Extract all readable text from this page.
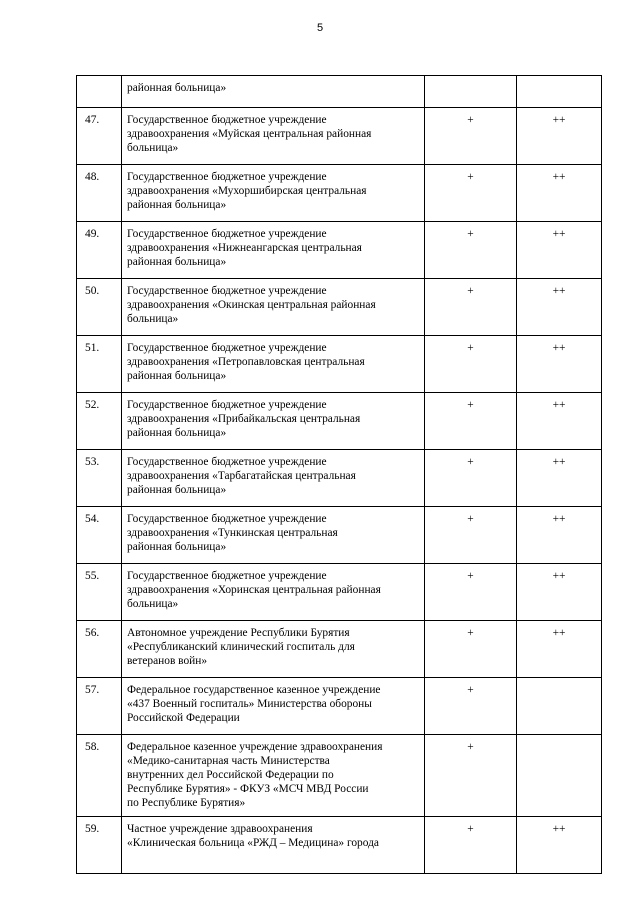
5

	районная больница»		

47.	Государственное бюджетное учреждение
здравоохранения «Муйская центральная районная
больница»	+	++
48.	Государственное бюджетное учреждение
здравоохранения «Мухоршибирская центральная
районная больница»	+	++
49.	Государственное бюджетное учреждение
здравоохранения «Нижнеангарская центральная
районная больница»	+	++
50.	Государственное бюджетное учреждение
здравоохранения «Окинская центральная районная
больница»	+	++
51.	Государственное бюджетное учреждение
здравоохранения «Петропавловская центральная
районная больница»	+	++
52.	Государственное бюджетное учреждение
здравоохранения «Прибайкальская центральная
районная больница»	+	++
53.	Государственное бюджетное учреждение
здравоохранения «Тарбагатайская центральная
районная больница»	+	++
54.	Государственное бюджетное учреждение
здравоохранения «Тункинская центральная
районная больница»	+	++
55.	Государственное бюджетное учреждение
здравоохранения «Хоринская центральная районная
больница»	+	++
56.	Автономное учреждение Республики Бурятия
«Республиканский клинический госпиталь для
ветеранов войн»	+	++
57.	Федеральное государственное казенное учреждение
«437 Военный госпиталь» Министерства обороны
Российской Федерации	+	
58.	Федеральное казенное учреждение здравоохранения
«Медико-санитарная часть Министерства
внутренних дел Российской Федерации по
Республике Бурятия» - ФКУЗ «МСЧ МВД России
по Республике Бурятия»	+	
59.	Частное учреждение здравоохранения
«Клиническая больница «РЖД – Медицина» города	+	++
